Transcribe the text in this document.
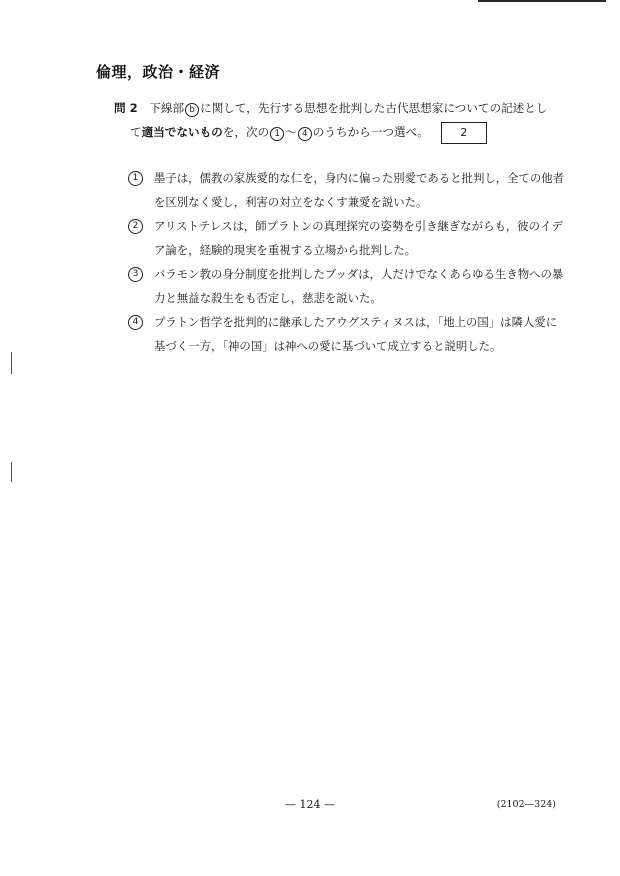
倫理，政治・経済
問 2　 下線部 b に関して，先行する思想を批判した古代思想家についての記述とし
て適当でないものを，次の 1 ～ 4 のうちから一つ選べ。	2
1	墨子は，儒教の家族愛的な仁を，身内に偏った別愛であると批判し，全ての他者を区別なく愛し，利害の対立をなくす兼愛を説いた。
2	アリストテレスは，師プラトンの真理探究の姿勢を引き継ぎながらも，彼のイデア論を，経験的現実を重視する立場から批判した。
3	バラモン教の身分制度を批判したブッダは，人だけでなくあらゆる生き物への暴力と無益な殺生をも否定し，慈悲を説いた。
4	プラトン哲学を批判的に継承したアウグスティヌスは，「地上の国」は隣人愛に基づく一方，「神の国」は神への愛に基づいて成立すると説明した。
— 124 —	(2102—324)
